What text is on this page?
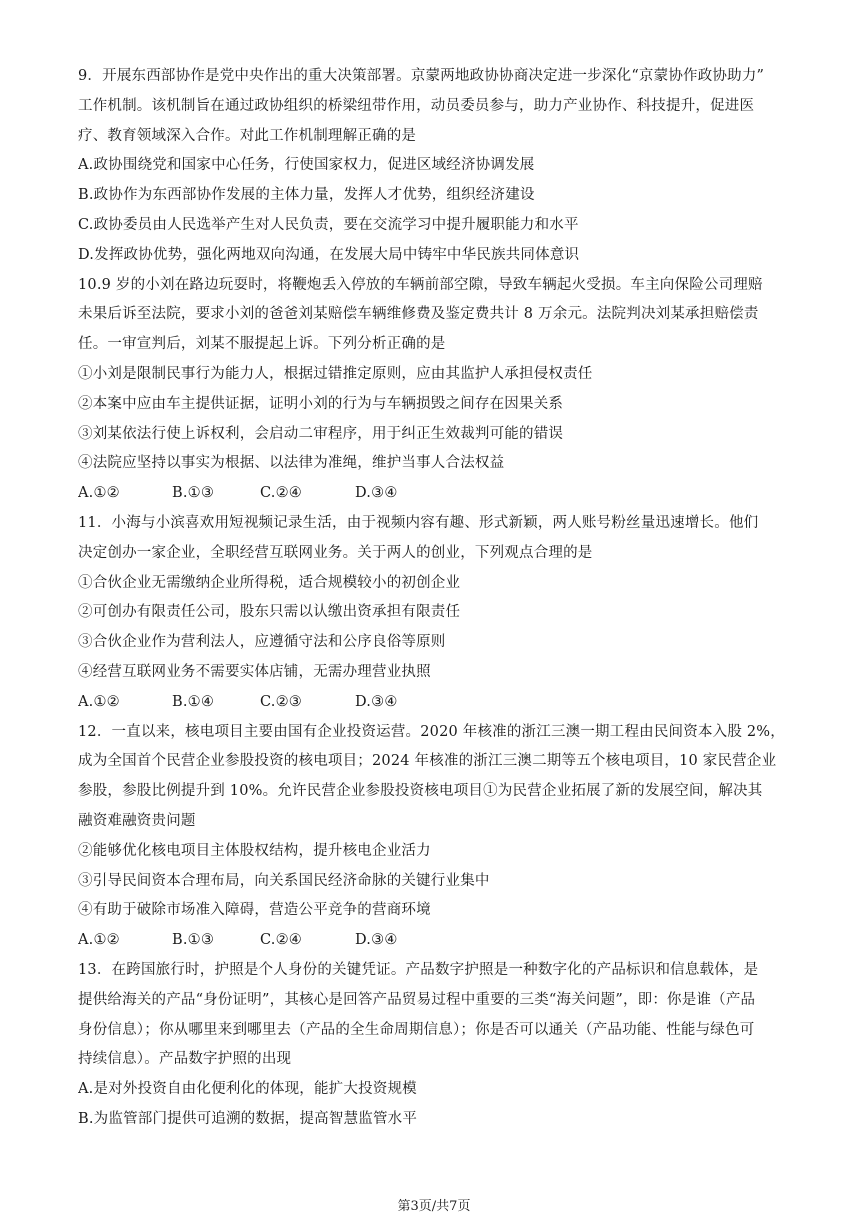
9．开展东西部协作是党中央作出的重大决策部署。京蒙两地政协协商决定进一步深化“京蒙协作政协助力”
工作机制。该机制旨在通过政协组织的桥梁纽带作用，动员委员参与，助力产业协作、科技提升，促进医
疗、教育领域深入合作。对此工作机制理解正确的是
A.政协围绕党和国家中心任务，行使国家权力，促进区域经济协调发展
B.政协作为东西部协作发展的主体力量，发挥人才优势，组织经济建设
C.政协委员由人民选举产生对人民负责，要在交流学习中提升履职能力和水平
D.发挥政协优势，强化两地双向沟通，在发展大局中铸牢中华民族共同体意识
10.9 岁的小刘在路边玩耍时，将鞭炮丢入停放的车辆前部空隙，导致车辆起火受损。车主向保险公司理赔
未果后诉至法院，要求小刘的爸爸刘某赔偿车辆维修费及鉴定费共计 8 万余元。法院判决刘某承担赔偿责
任。一审宣判后，刘某不服提起上诉。下列分析正确的是
①小刘是限制民事行为能力人，根据过错推定原则，应由其监护人承担侵权责任
②本案中应由车主提供证据，证明小刘的行为与车辆损毁之间存在因果关系
③刘某依法行使上诉权利，会启动二审程序，用于纠正生效裁判可能的错误
④法院应坚持以事实为根据、以法律为准绳，维护当事人合法权益
A.①②	B.①③	C.②④	D.③④
11．小海与小滨喜欢用短视频记录生活，由于视频内容有趣、形式新颖，两人账号粉丝量迅速增长。他们
决定创办一家企业，全职经营互联网业务。关于两人的创业，下列观点合理的是
①合伙企业无需缴纳企业所得税，适合规模较小的初创企业
②可创办有限责任公司，股东只需以认缴出资承担有限责任
③合伙企业作为营利法人，应遵循守法和公序良俗等原则
④经营互联网业务不需要实体店铺，无需办理营业执照
A.①②	B.①④	C.②③	D.③④
12．一直以来，核电项目主要由国有企业投资运营。2020 年核准的浙江三澳一期工程由民间资本入股 2%，
成为全国首个民营企业参股投资的核电项目；2024 年核准的浙江三澳二期等五个核电项目，10 家民营企业
参股，参股比例提升到 10%。允许民营企业参股投资核电项目①为民营企业拓展了新的发展空间，解决其
融资难融资贵问题
②能够优化核电项目主体股权结构，提升核电企业活力
③引导民间资本合理布局，向关系国民经济命脉的关键行业集中
④有助于破除市场准入障碍，营造公平竞争的营商环境
A.①②	B.①③	C.②④	D.③④
13．在跨国旅行时，护照是个人身份的关键凭证。产品数字护照是一种数字化的产品标识和信息载体，是
提供给海关的产品“身份证明”，其核心是回答产品贸易过程中重要的三类“海关问题”，即：你是谁（产品
身份信息）；你从哪里来到哪里去（产品的全生命周期信息）；你是否可以通关（产品功能、性能与绿色可
持续信息）。产品数字护照的出现
A.是对外投资自由化便利化的体现，能扩大投资规模
B.为监管部门提供可追溯的数据，提高智慧监管水平
第3页/共7页
